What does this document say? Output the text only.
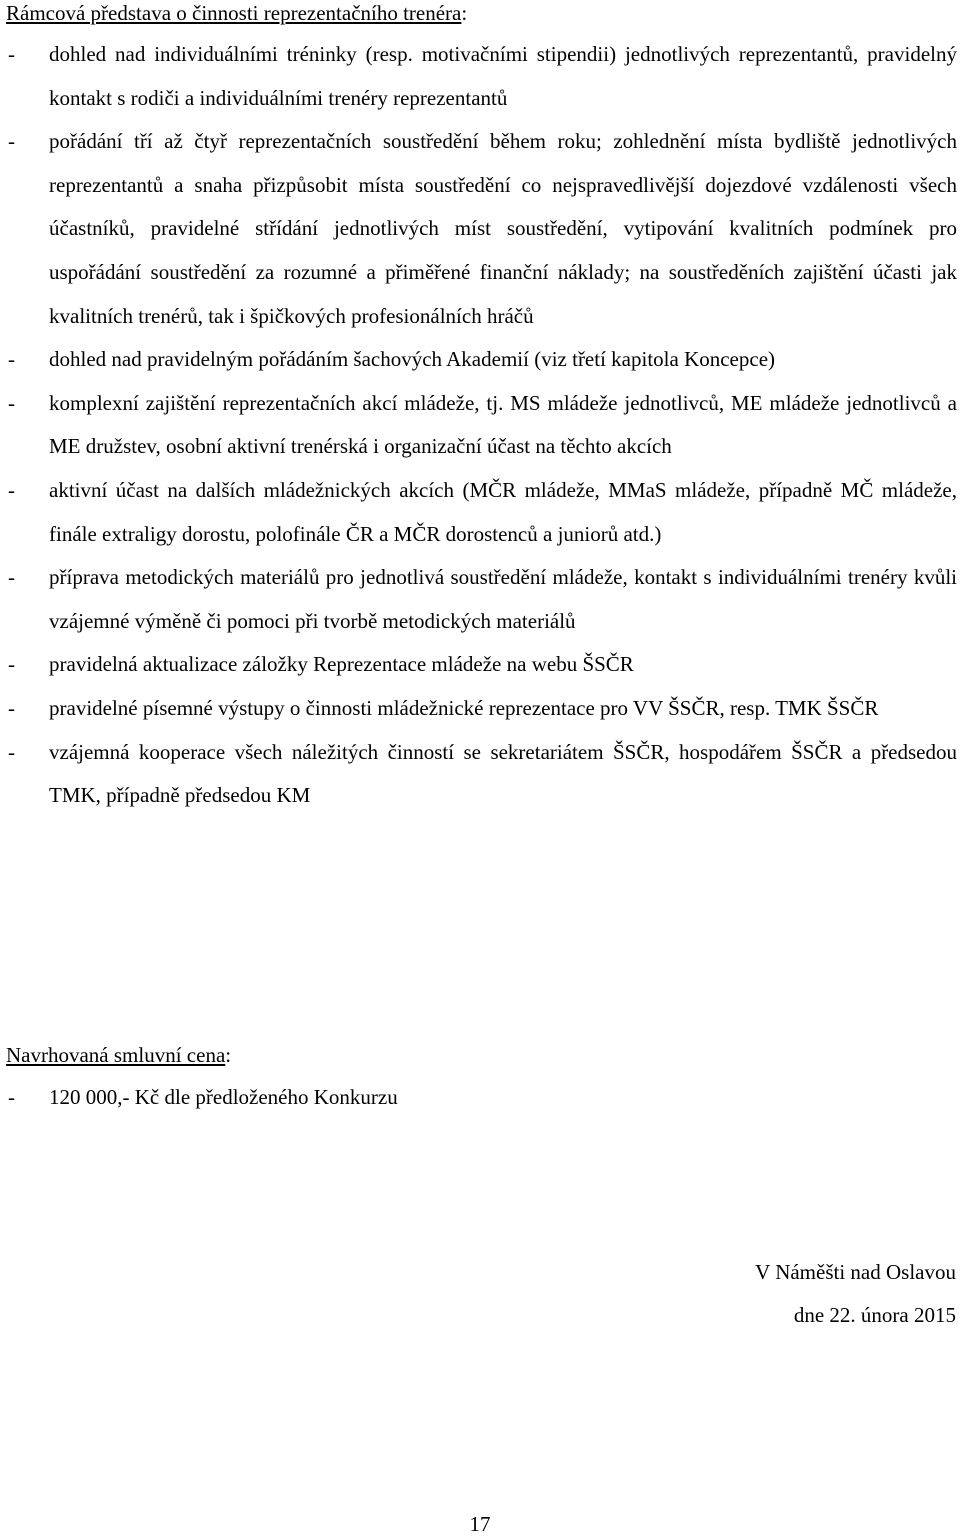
Rámcová představa o činnosti reprezentačního trenéra:

- dohled nad individuálními tréninky (resp. motivačními stipendii) jednotlivých reprezentantů, pravidelný kontakt s rodiči a individuálními trenéry reprezentantů
- pořádání tří až čtyř reprezentačních soustředění během roku; zohlednění místa bydliště jednotlivých reprezentantů a snaha přizpůsobit místa soustředění co nejspravedlivější dojezdové vzdálenosti všech účastníků, pravidelné střídání jednotlivých míst soustředění, vytipování kvalitních podmínek pro uspořádání soustředění za rozumné a přiměřené finanční náklady; na soustředěních zajištění účasti jak kvalitních trenérů, tak i špičkových profesionálních hráčů
- dohled nad pravidelným pořádáním šachových Akademií (viz třetí kapitola Koncepce)
- komplexní zajištění reprezentačních akcí mládeže, tj. MS mládeže jednotlivců, ME mládeže jednotlivců a ME družstev, osobní aktivní trenérská i organizační účast na těchto akcích
- aktivní účast na dalších mládežnických akcích (MČR mládeže, MMaS mládeže, případně MČ mládeže, finále extraligy dorostu, polofinále ČR a MČR dorostenců a juniorů atd.)
- příprava metodických materiálů pro jednotlivá soustředění mládeže, kontakt s individuálními trenéry kvůli vzájemné výměně či pomoci při tvorbě metodických materiálů
- pravidelná aktualizace záložky Reprezentace mládeže na webu ŠSČR
- pravidelné písemné výstupy o činnosti mládežnické reprezentace pro VV ŠSČR, resp. TMK ŠSČR
- vzájemná kooperace všech náležitých činností se sekretariátem ŠSČR, hospodářem ŠSČR a předsedou TMK, případně předsedou KM

Navrhovaná smluvní cena:

- 120 000,- Kč dle předloženého Konkurzu
V Náměšti nad Oslavou
dne 22. února 2015
17
